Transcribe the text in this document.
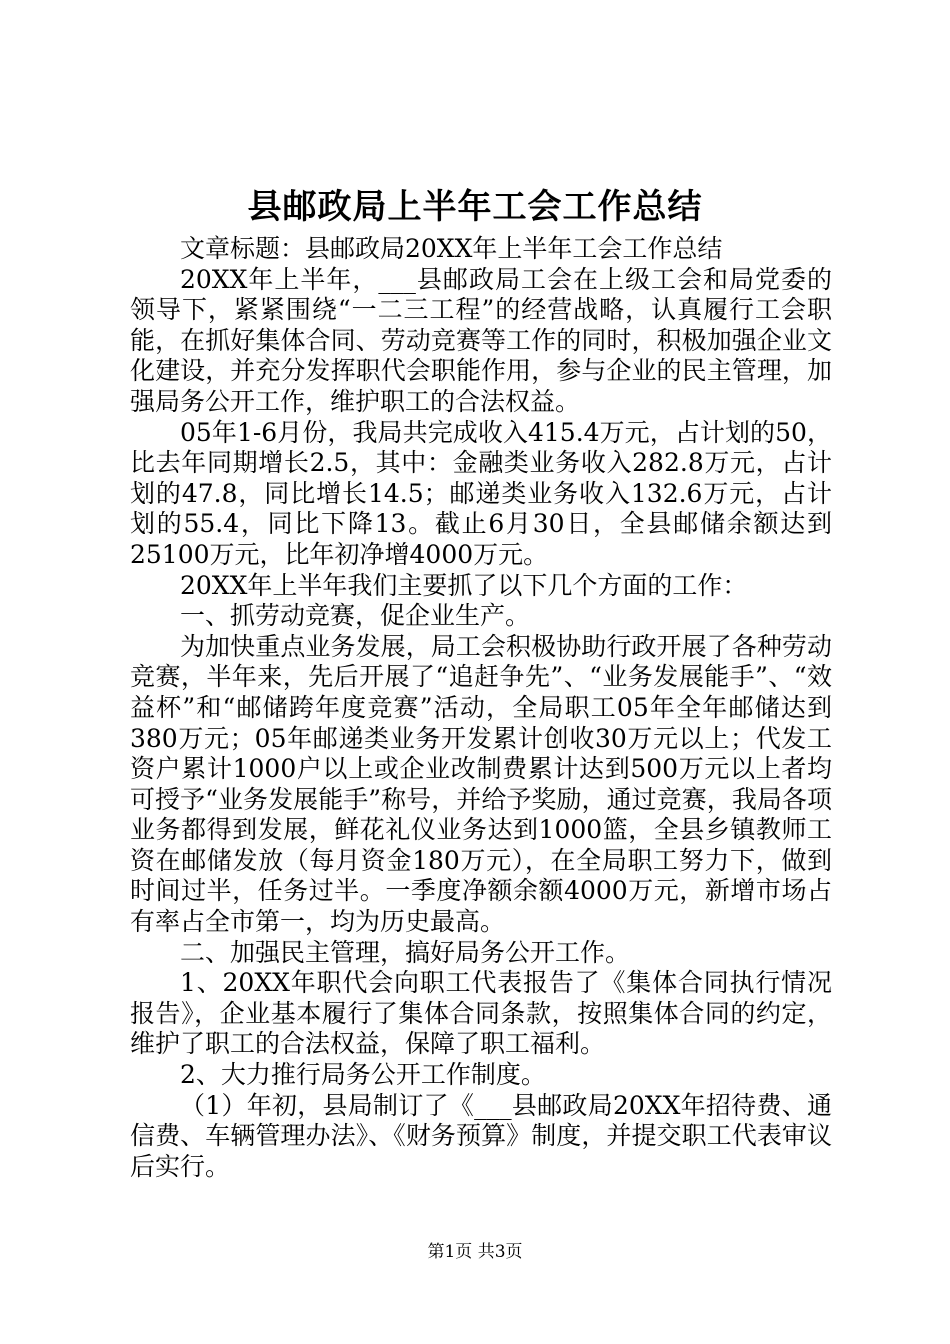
县邮政局上半年工会工作总结

文章标题：县邮政局20XX年上半年工会工作总结

20XX年上半年，___县邮政局工会在上级工会和局党委的领导下，紧紧围绕“一二三工程”的经营战略，认真履行工会职能，在抓好集体合同、劳动竞赛等工作的同时，积极加强企业文化建设，并充分发挥职代会职能作用，参与企业的民主管理，加强局务公开工作，维护职工的合法权益。

05年1-6月份，我局共完成收入415.4万元，占计划的50，比去年同期增长2.5，其中：金融类业务收入282.8万元，占计划的47.8，同比增长14.5；邮递类业务收入132.6万元，占计划的55.4，同比下降13。截止6月30日，全县邮储余额达到25100万元，比年初净增4000万元。

20XX年上半年我们主要抓了以下几个方面的工作：

一、抓劳动竞赛，促企业生产。

为加快重点业务发展，局工会积极协助行政开展了各种劳动竞赛，半年来，先后开展了“追赶争先”、“业务发展能手”、“效益杯”和“邮储跨年度竞赛”活动，全局职工05年全年邮储达到380万元；05年邮递类业务开发累计创收30万元以上；代发工资户累计1000户以上或企业改制费累计达到500万元以上者均可授予“业务发展能手”称号，并给予奖励，通过竞赛，我局各项业务都得到发展，鲜花礼仪业务达到1000篮，全县乡镇教师工资在邮储发放（每月资金180万元），在全局职工努力下，做到时间过半，任务过半。一季度净额余额4000万元，新增市场占有率占全市第一，均为历史最高。

二、加强民主管理，搞好局务公开工作。

1、20XX年职代会向职工代表报告了《集体合同执行情况报告》，企业基本履行了集体合同条款，按照集体合同的约定，维护了职工的合法权益，保障了职工福利。

2、大力推行局务公开工作制度。

（1）年初，县局制订了《___县邮政局20XX年招待费、通信费、车辆管理办法》、《财务预算》制度，并提交职工代表审议后实行。

第1页 共3页
